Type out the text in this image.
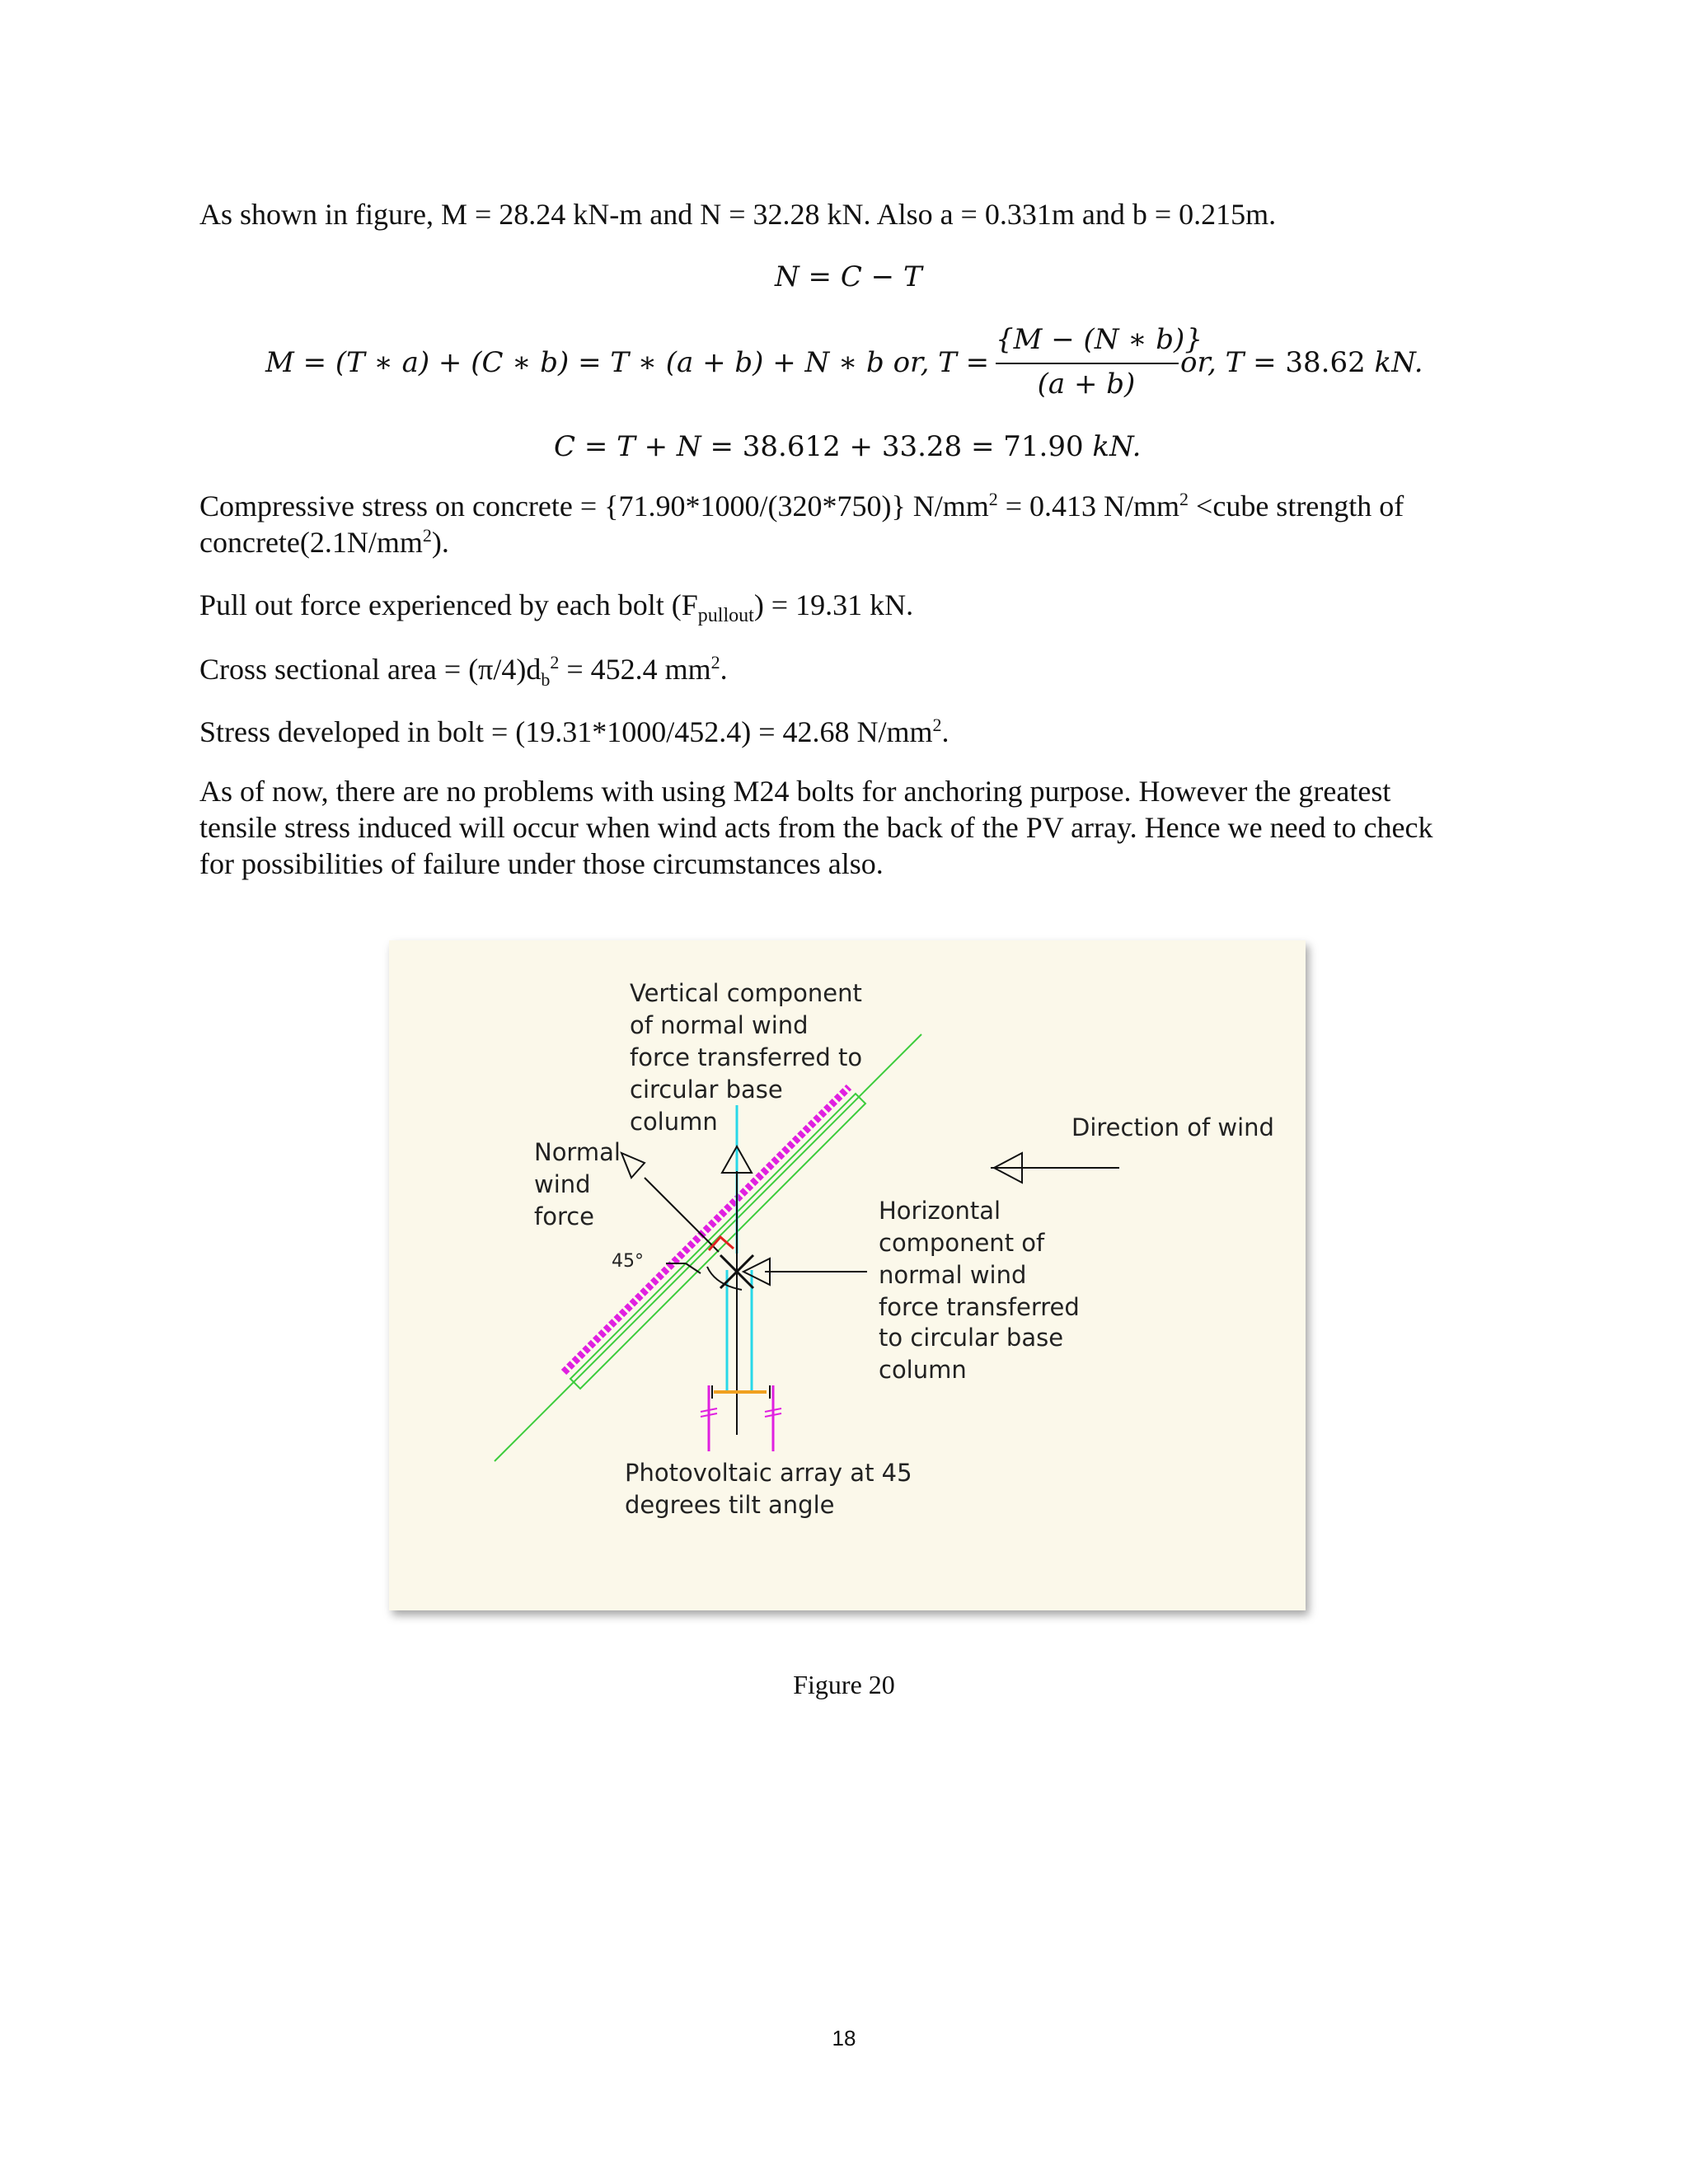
As shown in figure, M = 28.24 kN-m and N = 32.28 kN. Also a = 0.331m and b = 0.215m.
N = C − T
M = (T ∗ a) + (C ∗ b) = T ∗ (a + b) + N ∗ b or, T =
{M − (N ∗ b)}
(a + b)
or, T = 38.62 kN.
C = T + N = 38.612 + 33.28 = 71.90 kN.
Compressive stress on concrete = {71.90*1000/(320*750)} $N/mm^2 = 0.413$ $N/mm^2$ <cube strength of
$concrete(2.1N/mm^2)$.
Pull out force experienced by each bolt $(F_{pullout}) = 19.31$ kN.
Cross sectional area = $(\pi/4)d_b^2 = 452.4$ $mm^2$.
Stress developed in bolt = (19.31*1000/452.4) = 42.68 $N/mm^2$.
As of now, there are no problems with using M24 bolts for anchoring purpose. However the greatest
tensile stress induced will occur when wind acts from the back of the PV array. Hence we need to check
for possibilities of failure under those circumstances also.
Vertical component
of normal wind
force transferred to
circular base
column
Normal
wind
force
45°
Direction of wind
Horizontal
component of
normal wind
force transferred
to circular base
column
Photovoltaic array at 45
degrees tilt angle
Figure 20
18
